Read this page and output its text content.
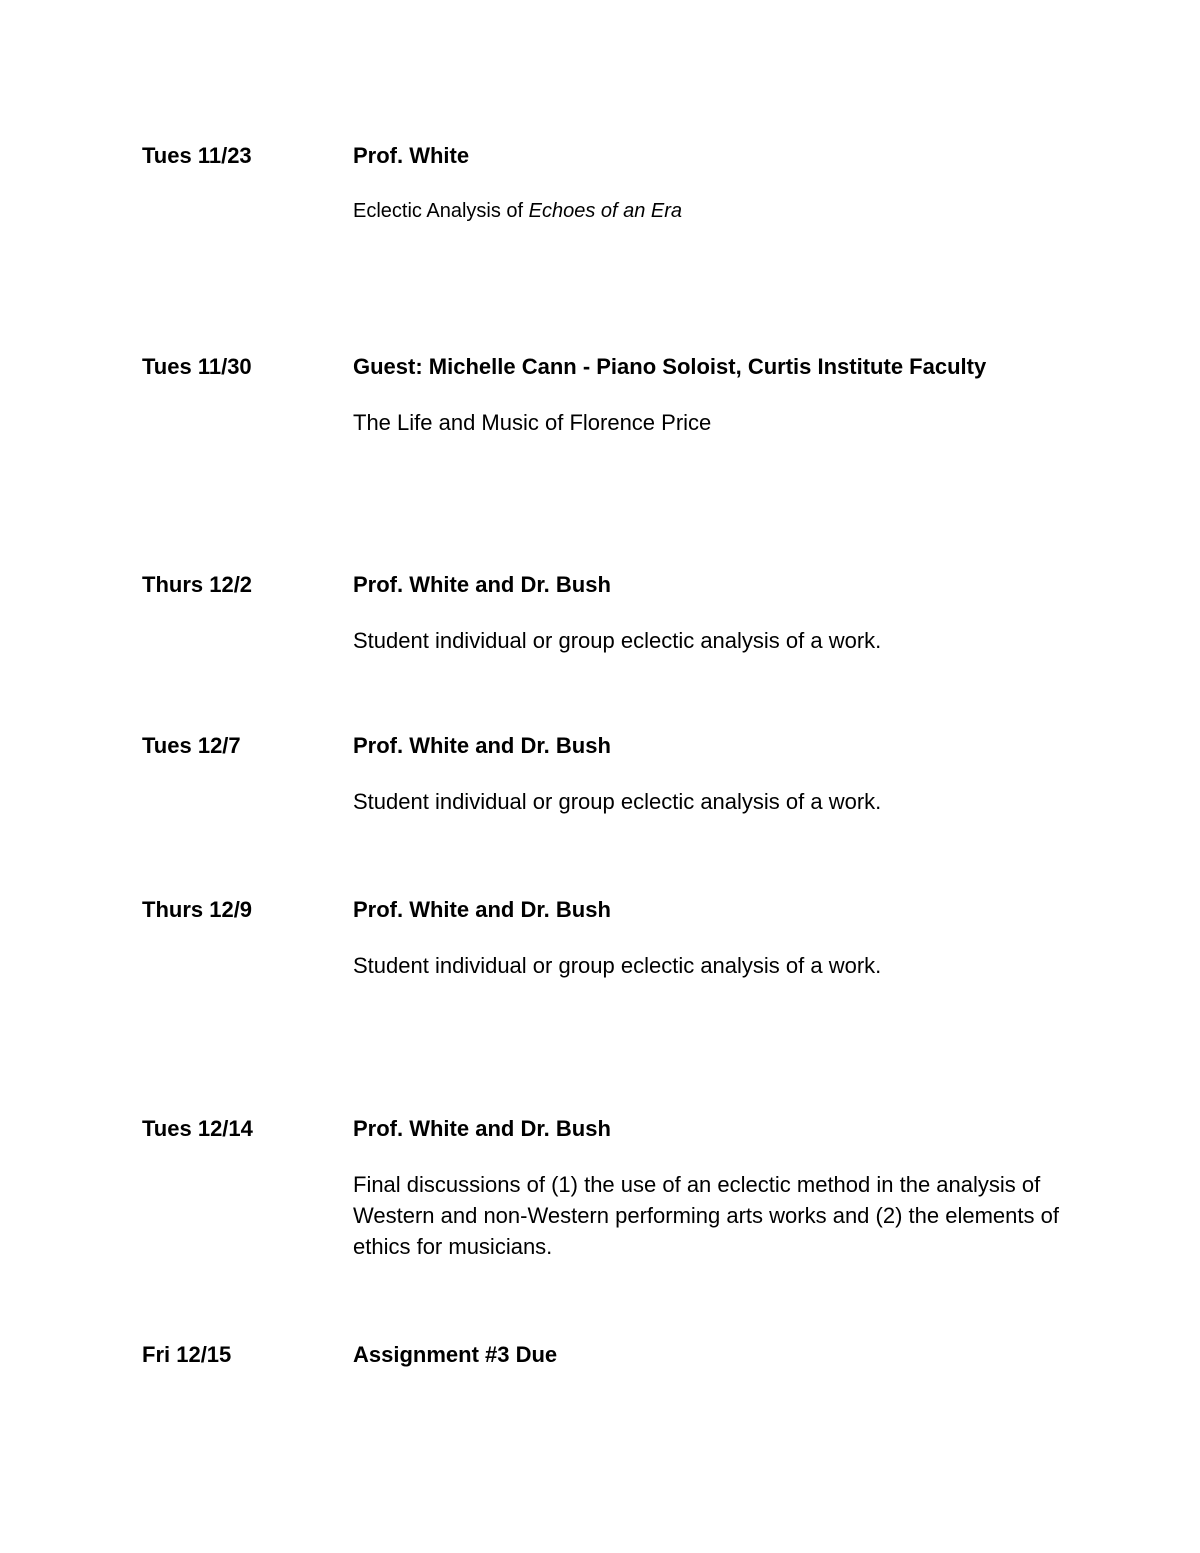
Tues 11/23	Prof. White
Eclectic Analysis of Echoes of an Era
Tues 11/30	Guest: Michelle Cann - Piano Soloist, Curtis Institute Faculty
The Life and Music of Florence Price
Thurs 12/2	Prof. White and Dr. Bush
Student individual or group eclectic analysis of a work.
Tues 12/7	Prof. White and Dr. Bush
Student individual or group eclectic analysis of a work.
Thurs 12/9	Prof. White and Dr. Bush
Student individual or group eclectic analysis of a work.
Tues 12/14	Prof. White and Dr. Bush
Final discussions of (1) the use of an eclectic method in the analysis of Western and non-Western performing arts works and (2) the elements of ethics for musicians.
Fri 12/15	Assignment #3 Due
